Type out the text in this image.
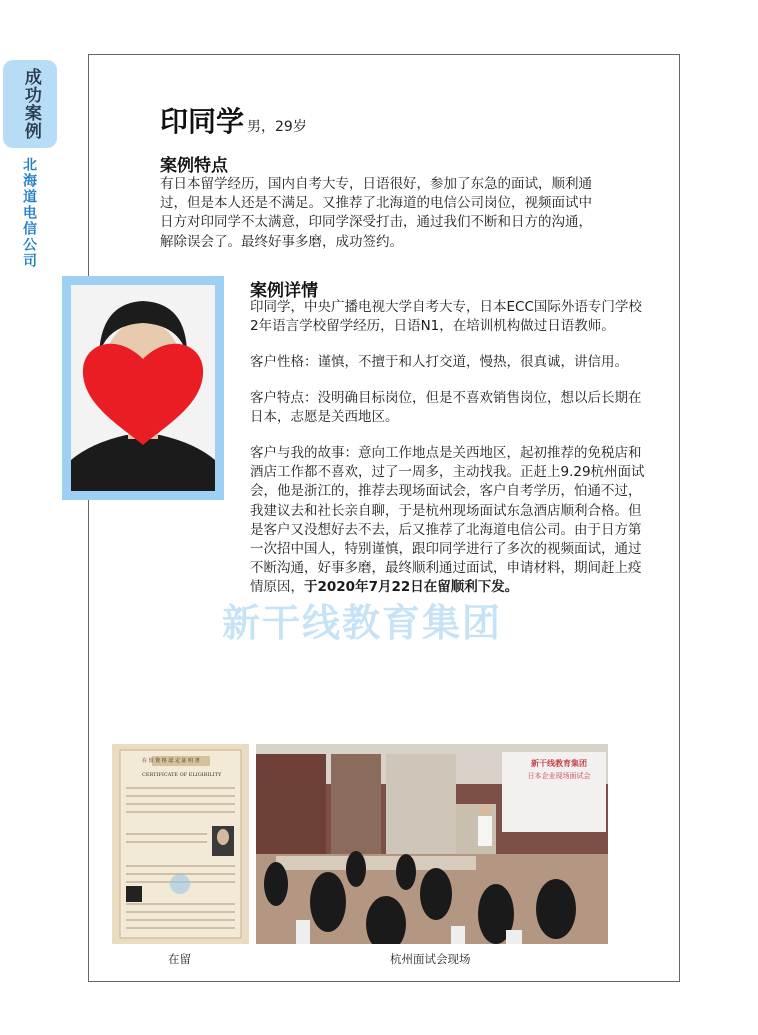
成功案例
北海道电信公司
印同学 男，29岁
案例特点
有日本留学经历，国内自考大专，日语很好，参加了东急的面试，顺利通
过，但是本人还是不满足。又推荐了北海道的电信公司岗位，视频面试中
日方对印同学不太满意，印同学深受打击，通过我们不断和日方的沟通，
解除误会了。最终好事多磨，成功签约。
案例详情
印同学，中央广播电视大学自考大专，日本ECC国际外语专门学校
2年语言学校留学经历，日语N1，在培训机构做过日语教师。
客户性格：谨慎，不擅于和人打交道，慢热，很真诚，讲信用。
客户特点：没明确目标岗位，但是不喜欢销售岗位，想以后长期在
日本，志愿是关西地区。
客户与我的故事：意向工作地点是关西地区，起初推荐的免税店和
酒店工作都不喜欢，过了一周多，主动找我。正赶上9.29杭州面试
会，他是浙江的，推荐去现场面试会，客户自考学历，怕通不过，
我建议去和社长亲自聊，于是杭州现场面试东急酒店顺利合格。但
是客户又没想好去不去，后又推荐了北海道电信公司。由于日方第
一次招中国人，特别谨慎，跟印同学进行了多次的视频面试，通过
不断沟通，好事多磨，最终顺利通过面试，申请材料，期间赶上疫
情原因，于2020年7月22日在留顺利下发。
新干线教育集团
在 留 資 格 認 定 証 明 書
CERTIFICATE OF ELIGIBILITY
新干线教育集团
日本企业现场面试会
在留	杭州面试会现场
